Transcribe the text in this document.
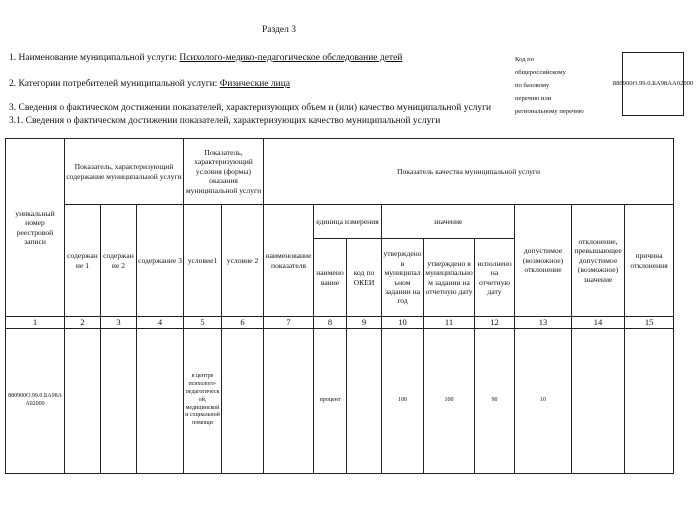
Раздел 3
1. Наименование муниципальной услуги: Психолого-медико-педагогическое обследование детей
2. Категории потребителей муниципальной услуги: Физические лица
3. Сведения о фактическом достижении показателей, характеризующих объем и (или) качество муниципальной услуги
3.1. Сведения о фактическом достижении показателей, характеризующих качество муниципальной услуги
Код по
общероссийскому
по базовому
перечню или
региональному перечню
880900О.99.0.БА98АА02000
уникальный номер реестровой записи	Показатель, характеризующий содержание муниципальной услуги			Показатель, характеризующий условия (формы) оказания муниципальной услуги		Показатель качества муниципальной услуги								
	содержание 1	содержание 2	содержание 3	условие1	условие 2	наименование показателя	единица измерения		значение			допустимое (возможное) отклонение	отклонение, превышающее допустимое (возможное) значение	причина отклонения
							наименование	код по ОКЕИ	утверждено в муниципальном задании на год	утверждено в муниципальном задании на отчетную дату	исполнено на отчетную дату			
1	2	3	4	5	6	7	8	9	10	11	12	13	14	15
880900О.99.0.БА98АА02000				в центре психолого-педагогической, медицинской и социальной помощи			процент		100	100	90	10		
